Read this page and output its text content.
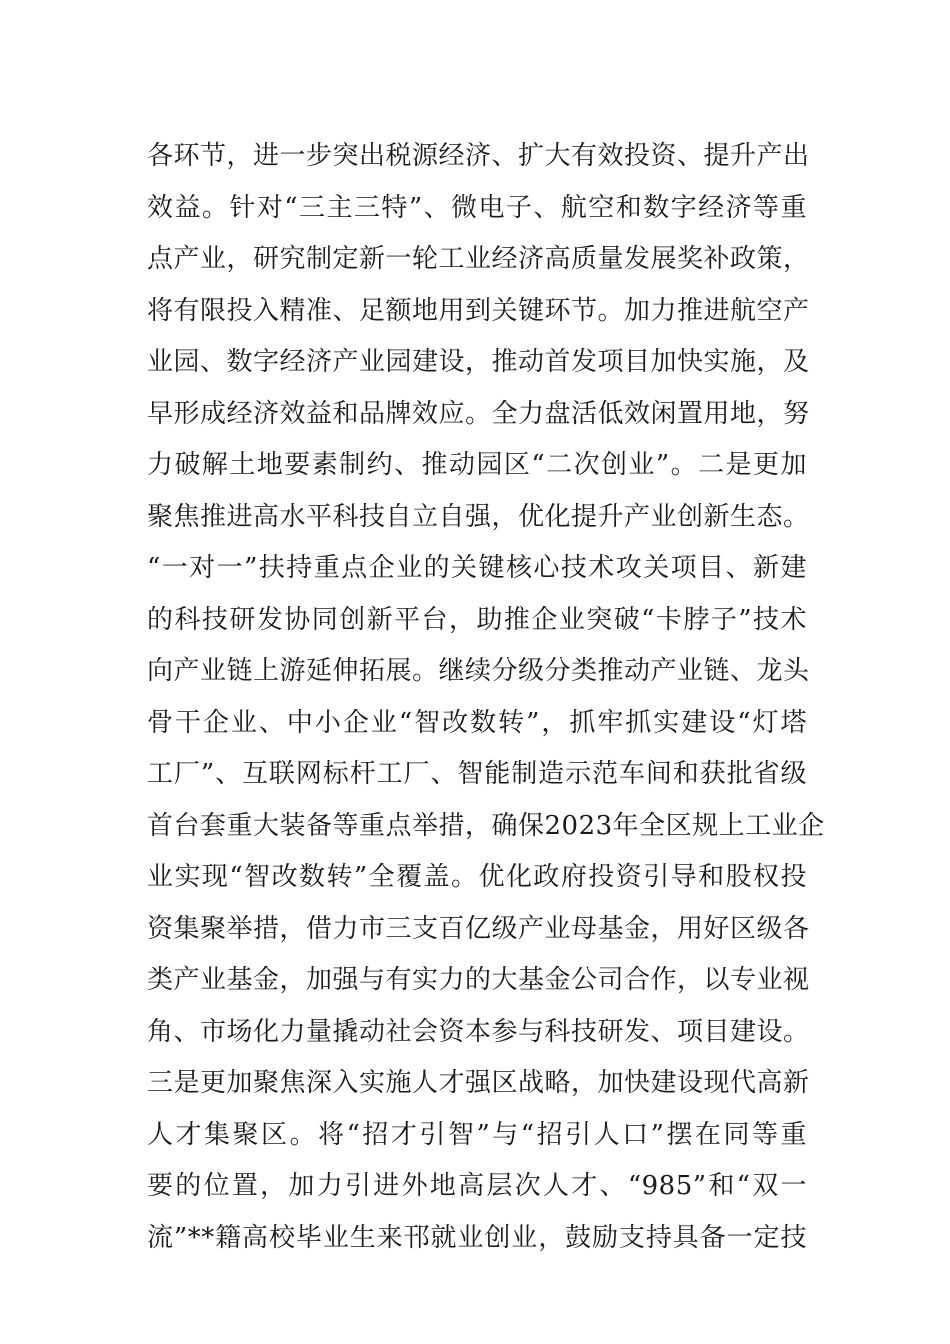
各环节，进一步突出税源经济、扩大有效投资、提升产出
效益。针对“三主三特”、微电子、航空和数字经济等重
点产业，研究制定新一轮工业经济高质量发展奖补政策，
将有限投入精准、足额地用到关键环节。加力推进航空产
业园、数字经济产业园建设，推动首发项目加快实施，及
早形成经济效益和品牌效应。全力盘活低效闲置用地，努
力破解土地要素制约、推动园区“二次创业”。二是更加
聚焦推进高水平科技自立自强，优化提升产业创新生态。
“一对一”扶持重点企业的关键核心技术攻关项目、新建
的科技研发协同创新平台，助推企业突破“卡脖子”技术
向产业链上游延伸拓展。继续分级分类推动产业链、龙头
骨干企业、中小企业“智改数转”，抓牢抓实建设“灯塔
工厂”、互联网标杆工厂、智能制造示范车间和获批省级
首台套重大装备等重点举措，确保2023年全区规上工业企
业实现“智改数转”全覆盖。优化政府投资引导和股权投
资集聚举措，借力市三支百亿级产业母基金，用好区级各
类产业基金，加强与有实力的大基金公司合作，以专业视
角、市场化力量撬动社会资本参与科技研发、项目建设。
三是更加聚焦深入实施人才强区战略，加快建设现代高新
人才集聚区。将“招才引智”与“招引人口”摆在同等重
要的位置，加力引进外地高层次人才、“985”和“双一
流”**籍高校毕业生来邗就业创业，鼓励支持具备一定技
